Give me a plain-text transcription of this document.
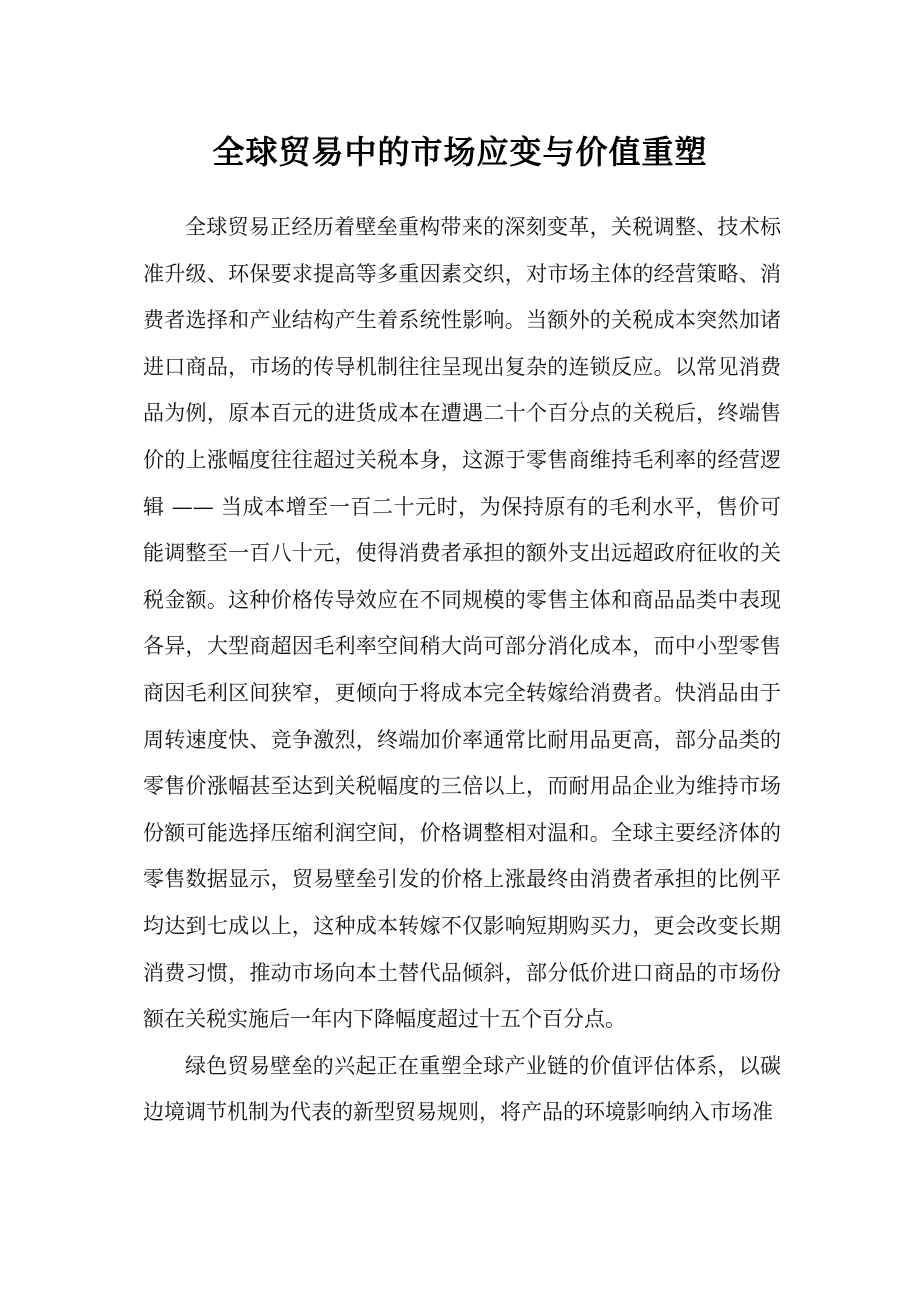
全球贸易中的市场应变与价值重塑

全球贸易正经历着壁垒重构带来的深刻变革，关税调整、技术标准升级、环保要求提高等多重因素交织，对市场主体的经营策略、消费者选择和产业结构产生着系统性影响。当额外的关税成本突然加诸进口商品，市场的传导机制往往呈现出复杂的连锁反应。以常见消费品为例，原本百元的进货成本在遭遇二十个百分点的关税后，终端售价的上涨幅度往往超过关税本身，这源于零售商维持毛利率的经营逻辑 —— 当成本增至一百二十元时，为保持原有的毛利水平，售价可能调整至一百八十元，使得消费者承担的额外支出远超政府征收的关税金额。这种价格传导效应在不同规模的零售主体和商品品类中表现各异，大型商超因毛利率空间稍大尚可部分消化成本，而中小型零售商因毛利区间狭窄，更倾向于将成本完全转嫁给消费者。快消品由于周转速度快、竞争激烈，终端加价率通常比耐用品更高，部分品类的零售价涨幅甚至达到关税幅度的三倍以上，而耐用品企业为维持市场份额可能选择压缩利润空间，价格调整相对温和。全球主要经济体的零售数据显示，贸易壁垒引发的价格上涨最终由消费者承担的比例平均达到七成以上，这种成本转嫁不仅影响短期购买力，更会改变长期消费习惯，推动市场向本土替代品倾斜，部分低价进口商品的市场份额在关税实施后一年内下降幅度超过十五个百分点。

绿色贸易壁垒的兴起正在重塑全球产业链的价值评估体系，以碳边境调节机制为代表的新型贸易规则，将产品的环境影响纳入市场准
